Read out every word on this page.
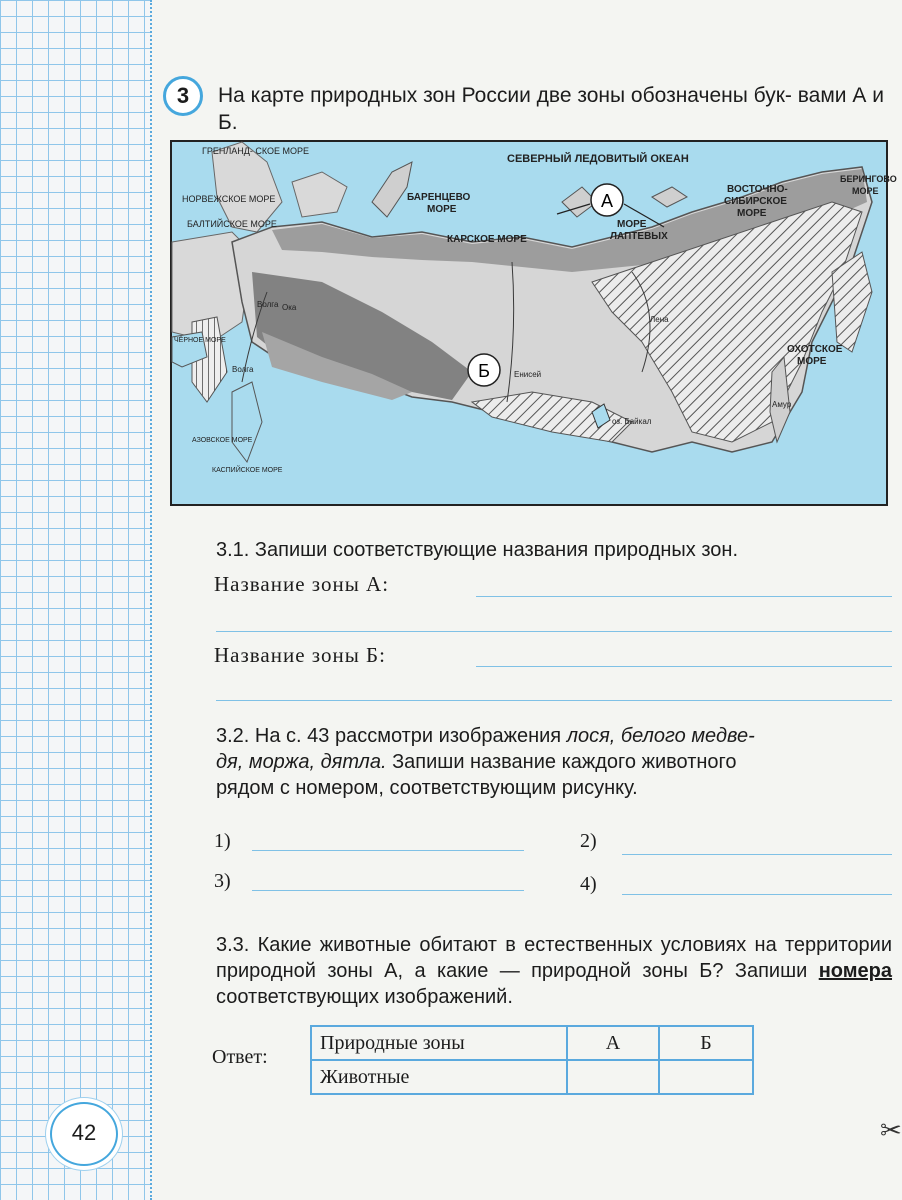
3	На карте природных зон России две зоны обозначены бук- вами А и Б.

ГРЕНЛАНД- СКОЕ МОРЕ
НОРВЕЖСКОЕ МОРЕ
БАЛТИЙСКОЕ МОРЕ
СЕВЕРНЫЙ ЛЕДОВИТЫЙ ОКЕАН
БАРЕНЦЕВО
МОРЕ
КАРСКОЕ МОРЕ
МОРЕ
ЛАПТЕВЫХ
ВОСТОЧНО-
СИБИРСКОЕ
МОРЕ
БЕРИНГОВО
МОРЕ
ОХОТСКОЕ
МОРЕ
ЧЁРНОЕ МОРЕ
АЗОВСКОЕ МОРЕ
КАСПИЙСКОЕ МОРЕ
Волга
Волга
Ока
Енисей
Лена
оз. Байкал
Амур
А
Б

3.1. Запиши соответствующие названия природных зон.

Название зоны А:

Название зоны Б:

3.2. На с. 43 рассмотри изображения лося, белого медве-
дя, моржа, дятла. Запиши название каждого животного
рядом с номером, соответствующим рисунку.

1)	2)
3)	4)

3.3. Какие животные обитают в естественных условиях на территории природной зоны А, а какие — природной зоны Б? Запиши номера соответствующих изображений.

Ответ:
Природные зоны	А	Б
Животные		
42	✂
